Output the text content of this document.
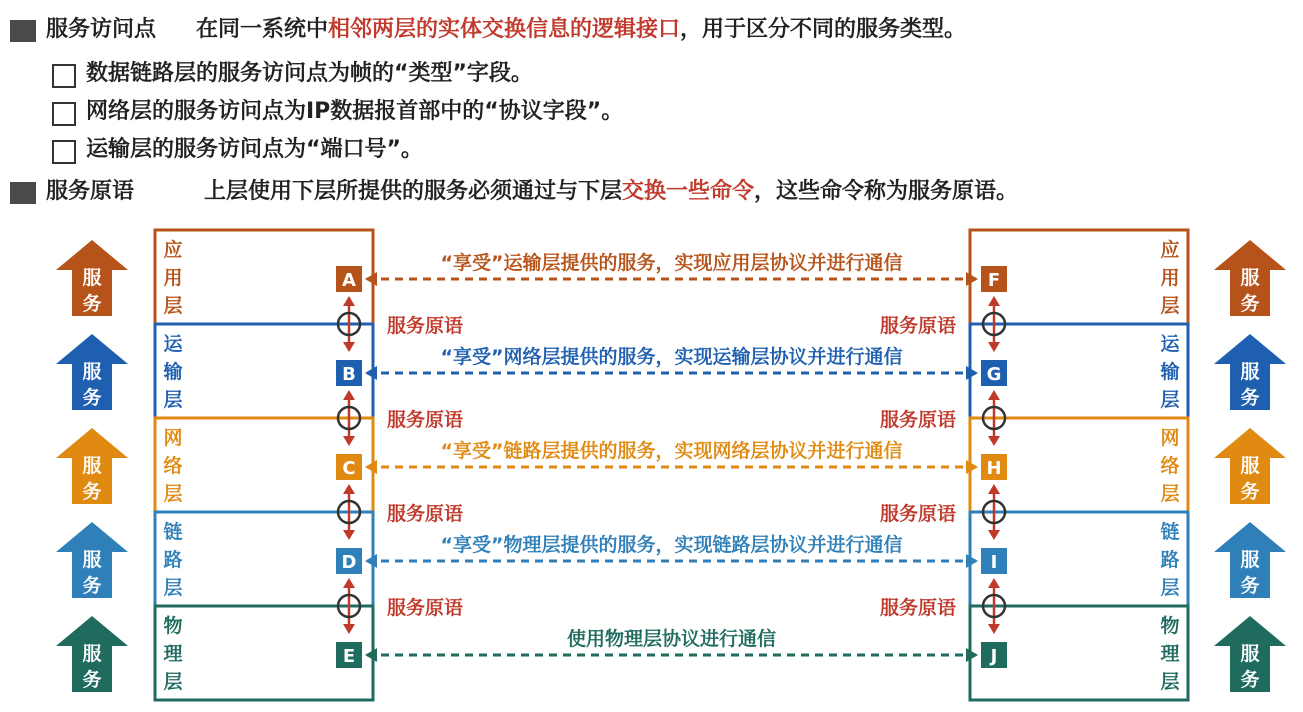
服务访问点 在同一系统中相邻两层的实体交换信息的逻辑接口，用于区分不同的服务类型。
数据链路层的服务访问点为帧的“类型”字段。
网络层的服务访问点为IP数据报首部中的“协议字段”。
运输层的服务访问点为“端口号”。
服务原语	上层使用下层所提供的服务必须通过与下层交换一些命令，这些命令称为服务原语。
应	应
用	用
层	层
A	F
“享受”运输层提供的服务，实现应用层协议并进行通信
服
务
服
务
运	运
输	输
层	层
B	G
“享受”网络层提供的服务，实现运输层协议并进行通信
服
务
服
务
网	网
络	络
层	层
C	H
“享受”链路层提供的服务，实现网络层协议并进行通信
服
务
服
务
链	链
路	路
层	层
D	I
“享受”物理层提供的服务，实现链路层协议并进行通信
服
务
服
务
物	物
理	理
层	层
E	J
使用物理层协议进行通信
服
务
服
务
服务原语	服务原语
服务原语	服务原语
服务原语	服务原语
服务原语	服务原语
